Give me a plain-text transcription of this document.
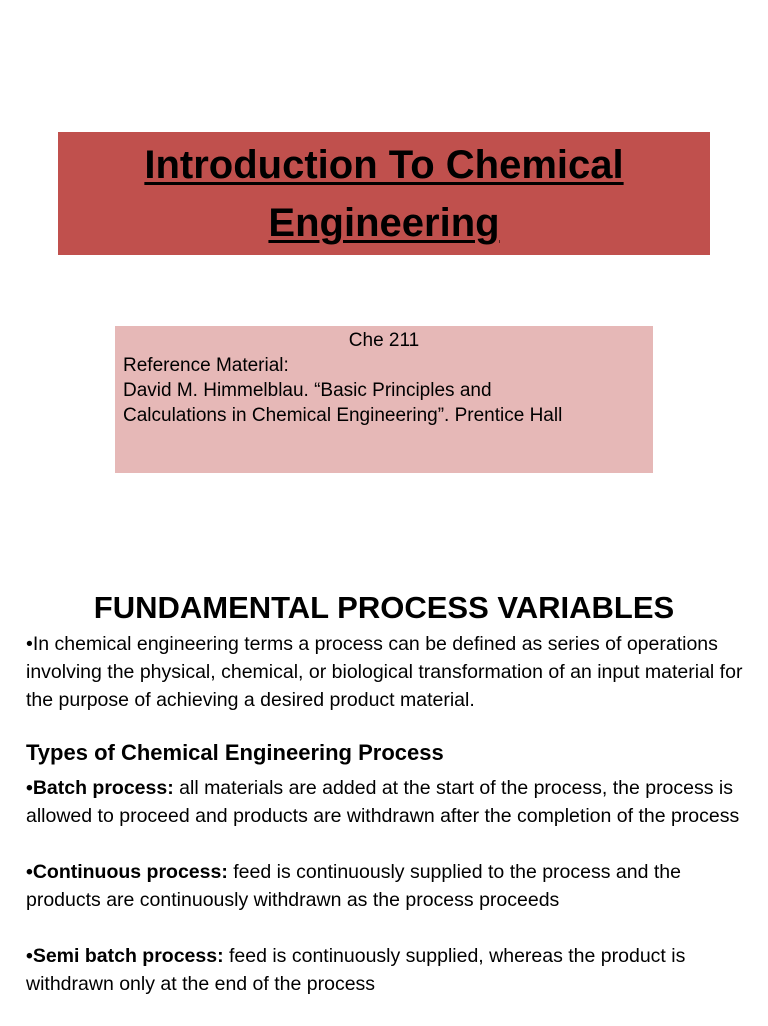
Introduction To Chemical Engineering
Che 211
Reference Material:
David M. Himmelblau. “Basic Principles and
Calculations in Chemical Engineering”. Prentice Hall
FUNDAMENTAL PROCESS VARIABLES

•In chemical engineering terms a process can be defined as series of operations involving the physical, chemical, or biological transformation of an input material for the purpose of achieving a desired product material.

Types of Chemical Engineering Process

•Batch process: all materials are added at the start of the process, the process is allowed to proceed and products are withdrawn after the completion of the process

•Continuous process: feed is continuously supplied to the process and the products are continuously withdrawn as the process proceeds

•Semi batch process: feed is continuously supplied, whereas the product is withdrawn only at the end of the process
